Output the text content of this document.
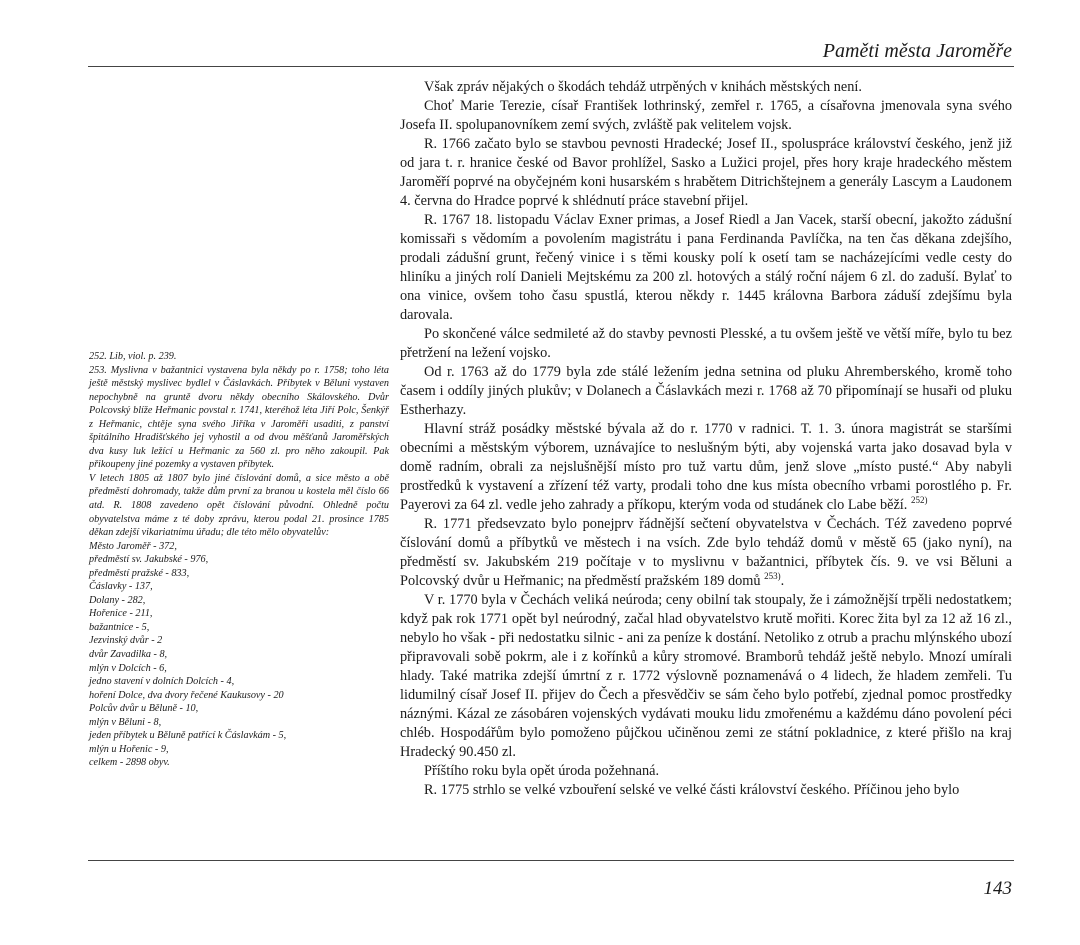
Paměti města Jaroměře

252. Lib, viol. p. 239.

253. Myslivna v bažantnici vystavena byla někdy po r. 1758; toho léta ještě městský myslivec bydlel v Čáslavkách. Příbytek v Běluni vystaven nepochybně na gruntě dvoru někdy obecního Skálovského. Dvůr Polcovský blíže Heřmanic povstal r. 1741, kteréhož léta Jiří Polc, Šenkýř z Heřmanic, chtěje syna svého Jiříka v Jaroměři usaditi, z panství špitálního Hradišťského jej vyhostil a od dvou měšťanů Jaroměřských dva kusy luk ležící u Heřmanic za 560 zl. pro něho zakoupil. Pak přikoupeny jiné pozemky a vystaven příbytek.

V letech 1805 až 1807 bylo jiné číslování domů, a sice město a obě předměstí dohromady, takže dům první za branou u kostela měl číslo 66 atd. R. 1808 zavedeno opět číslování původní. Ohledně počtu obyvatelstva máme z té doby zprávu, kterou podal 21. prosince 1785 děkan zdejší vikariatnímu úřadu; dle této mělo obyvatelův:

Město Jaroměř - 372,
předměstí sv. Jakubské - 976,
předměstí pražské - 833,
Čáslavky - 137,
Dolany - 282,
Hořenice - 211,
bažantnice - 5,
Jezvinský dvůr - 2
dvůr Zavadilka - 8,
mlýn v Dolcích - 6,
jedno stavení v dolních Dolcích - 4,
hoření Dolce, dva dvory řečené Kaukusovy - 20
Polcův dvůr u Běluně - 10,
mlýn v Běluni - 8,
jeden příbytek u Běluně patřící k Čáslavkám - 5,
mlýn u Hořenic - 9,
celkem - 2898 obyv.

Však zpráv nějakých o škodách tehdáž utrpěných v knihách městských není.

Choť Marie Terezie, císař František lothrinský, zemřel r. 1765, a císařovna jmenovala syna svého Josefa II. spolupanovníkem zemí svých, zvláště pak velitelem vojsk.

R. 1766 začato bylo se stavbou pevnosti Hradecké; Josef II., spoluspráce království českého, jenž již od jara t. r. hranice české od Bavor prohlížel, Sasko a Lužici projel, přes hory kraje hradeckého městem Jaroměří poprvé na obyčejném koni husarském s hrabětem Ditrichštejnem a generály Lascym a Laudonem 4. června do Hradce poprvé k shlédnutí práce stavební přijel.

R. 1767 18. listopadu Václav Exner primas, a Josef Riedl a Jan Vacek, starší obecní, jakožto zádušní komissaři s vědomím a povolením magistrátu i pana Ferdinanda Pavlíčka, na ten čas děkana zdejšího, prodali zádušní grunt, řečený vinice i s těmi kousky polí k osetí tam se nacházejícími vedle cesty do hliníku a jiných rolí Danieli Mejtskému za 200 zl. hotových a stálý roční nájem 6 zl. do zaduší. Bylať to ona vinice, ovšem toho času spustlá, kterou někdy r. 1445 královna Barbora záduší zdejšímu byla darovala.

Po skončené válce sedmileté až do stavby pevnosti Plesské, a tu ovšem ještě ve větší míře, bylo tu bez přetržení na ležení vojsko.

Od r. 1763 až do 1779 byla zde stálé ležením jedna setnina od pluku Ahremberského, kromě toho časem i oddíly jiných plukův; v Dolanech a Čáslavkách mezi r. 1768 až 70 připomínají se husaři od pluku Estherhazy.

Hlavní stráž posádky městské bývala až do r. 1770 v radnici. T. 1. 3. února magistrát se staršími obecními a městským výborem, uznávajíce to neslušným býti, aby vojenská varta jako dosavad byla v domě radním, obrali za nejslušnější místo pro tuž vartu dům, jenž slove „místo pusté.“ Aby nabyli prostředků k vystavení a zřízení též varty, prodali toho dne kus místa obecního vrbami porostlého p. Fr. Payerovi za 64 zl. vedle jeho zahrady a příkopu, kterým voda od studánek clo Labe běží. $^{252)}$

R. 1771 předsevzato bylo ponejprv řádnější sečtení obyvatelstva v Čechách. Též zavedeno poprvé číslování domů a příbytků ve městech i na vsích. Zde bylo tehdáž domů v městě 65 (jako nyní), na předměstí sv. Jakubském 219 počítaje v to myslivnu v bažantnici, příbytek čís. 9. ve vsi Běluni a Polcovský dvůr u Heřmanic; na předměstí pražském 189 domů $^{253)}$.

V r. 1770 byla v Čechách veliká neúroda; ceny obilní tak stoupaly, že i zámožnější trpěli nedostatkem; když pak rok 1771 opět byl neúrodný, začal hlad obyvatelstvo krutě mořiti. Korec žita byl za 12 až 16 zl., nebylo ho však - při nedostatku silnic - ani za peníze k dostání. Netoliko z otrub a prachu mlýnského ubozí připravovali sobě pokrm, ale i z kořínků a kůry stromové. Bramborů tehdáž ještě nebylo. Mnozí umírali hlady. Také matrika zdejší úmrtní z r. 1772 výslovně poznamenává o 4 lidech, že hladem zemřeli. Tu lidumilný císař Josef II. přijev do Čech a přesvědčiv se sám čeho bylo potřebí, zjednal pomoc prostředky náznými. Kázal ze zásobáren vojenských vydávati mouku lidu zmořenému a každému dáno povolení péci chléb. Hospodářům bylo pomoženo půjčkou učiněnou zemi ze státní pokladnice, z které přišlo na kraj Hradecký 90.450 zl.

Příštího roku byla opět úroda požehnaná.

R. 1775 strhlo se velké vzbouření selské ve velké části království českého. Příčinou jeho bylo

143
